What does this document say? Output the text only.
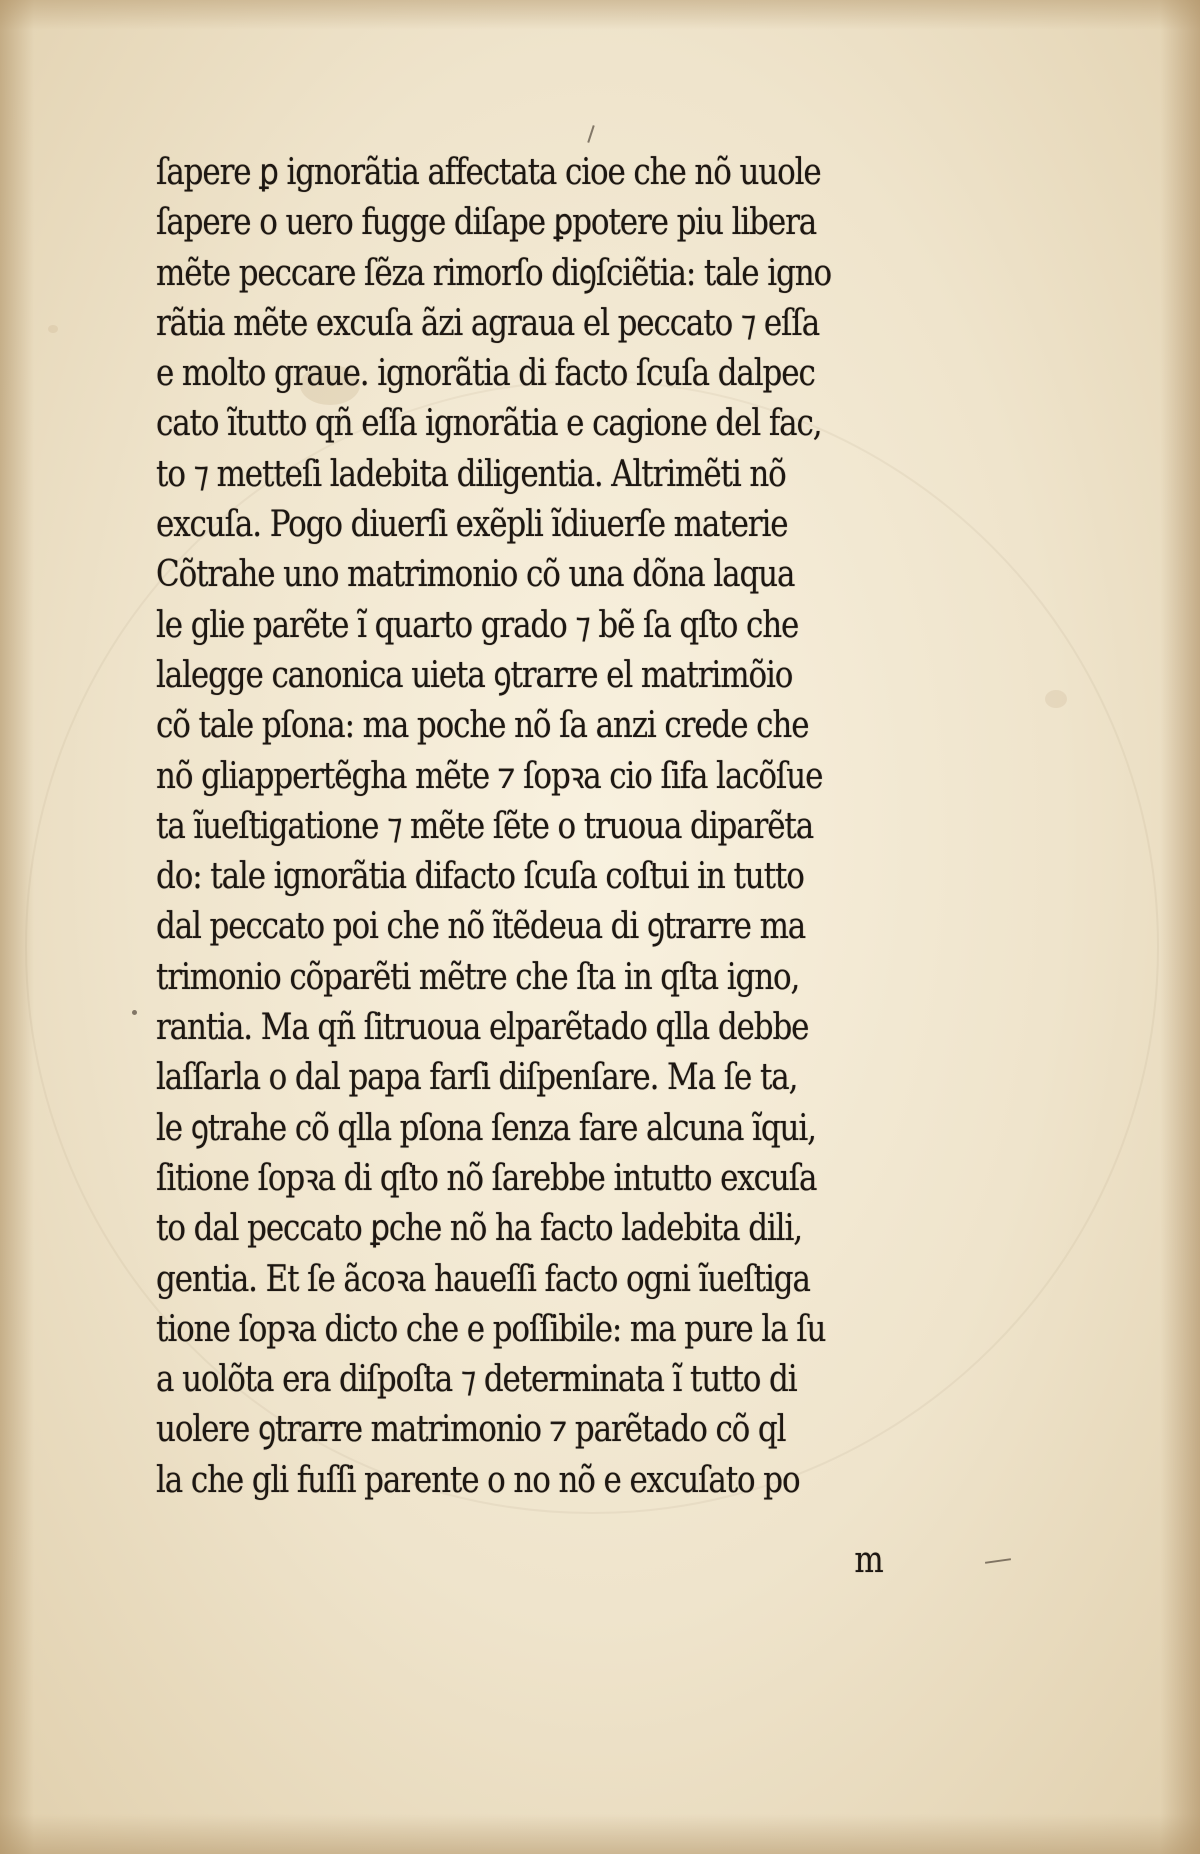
ſapere ꝑ ignorãtia affectata cioe che nõ uuole
ſapere o uero fugge diſape ꝑpotere piu libera
mẽte peccare ſẽza rimorſo diꝯſciẽtia: tale igno
rãtia mẽte excuſa ãzi agraua el peccato ⁊ eſſa
e molto graue. ignorãtia di facto ſcuſa dalpec
cato ĩtutto qñ eſſa ignorãtia e cagione del fac,
to ⁊ metteſi ladebita diligentia. Altrimẽti nõ
excuſa. Pogo diuerſi exẽpli ĩdiuerſe materie
Cõtrahe uno matrimonio cõ una dõna laqua
le glie parẽte ĩ quarto grado ⁊ bẽ ſa qſto che
lalegge canonica uieta ꝯtrarre el matrimõio
cõ tale pſona: ma poche nõ ſa anzi crede che
nõ gliappertẽgha mẽte ⁊ ſopꝛa cio ſifa lacõſue
ta ĩueſtigatione ⁊ mẽte ſẽte o truoua diparẽta
do: tale ignorãtia difacto ſcuſa coſtui in tutto
dal peccato poi che nõ ĩtẽdeua di ꝯtrarre ma
trimonio cõparẽti mẽtre che ſta in qſta igno,
rantia. Ma qñ ſitruoua elparẽtado qlla debbe
laſſarla o dal papa farſi diſpenſare. Ma ſe ta,
le ꝯtrahe cõ qlla pſona ſenza fare alcuna ĩqui,
ſitione ſopꝛa di qſto nõ ſarebbe intutto excuſa
to dal peccato ꝑche nõ ha facto ladebita dili,
gentia. Et ſe ãcoꝛa haueſſi facto ogni ĩueſtiga
tione ſopꝛa dicto che e poſſibile: ma pure la ſu
a uolõta era diſpoſta ⁊ determinata ĩ tutto di
uolere ꝯtrarre matrimonio ⁊ parẽtado cõ ql
la che gli fuſſi parente o no nõ e excuſato po
m
